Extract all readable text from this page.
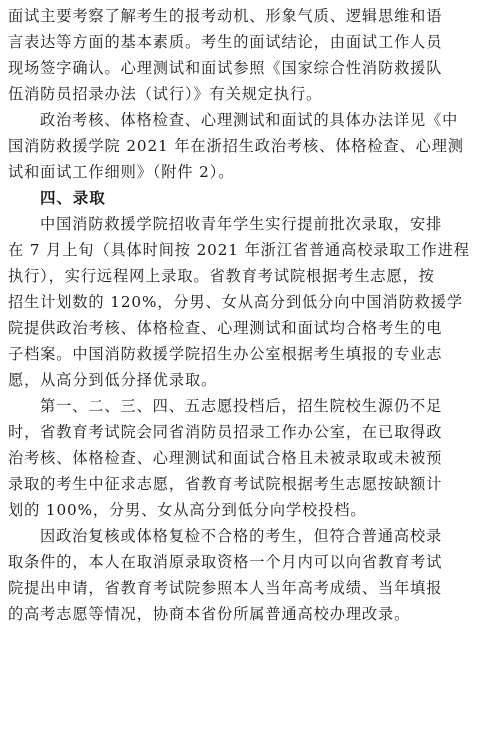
面试主要考察了解考生的报考动机、形象气质、逻辑思维和语
言表达等方面的基本素质。考生的面试结论，由面试工作人员
现场签字确认。心理测试和面试参照《国家综合性消防救援队
伍消防员招录办法（试行）》有关规定执行。
政治考核、体格检查、心理测试和面试的具体办法详见《中
国消防救援学院 2021 年在浙招生政治考核、体格检查、心理测
试和面试工作细则》（附件 2）。
四、录取
中国消防救援学院招收青年学生实行提前批次录取，安排
在 7 月上旬（具体时间按 2021 年浙江省普通高校录取工作进程
执行），实行远程网上录取。省教育考试院根据考生志愿，按
招生计划数的 120%，分男、女从高分到低分向中国消防救援学
院提供政治考核、体格检查、心理测试和面试均合格考生的电
子档案。中国消防救援学院招生办公室根据考生填报的专业志
愿，从高分到低分择优录取。
第一、二、三、四、五志愿投档后，招生院校生源仍不足
时，省教育考试院会同省消防员招录工作办公室，在已取得政
治考核、体格检查、心理测试和面试合格且未被录取或未被预
录取的考生中征求志愿，省教育考试院根据考生志愿按缺额计
划的 100%，分男、女从高分到低分向学校投档。
因政治复核或体格复检不合格的考生，但符合普通高校录
取条件的，本人在取消原录取资格一个月内可以向省教育考试
院提出申请，省教育考试院参照本人当年高考成绩、当年填报
的高考志愿等情况，协商本省份所属普通高校办理改录。
